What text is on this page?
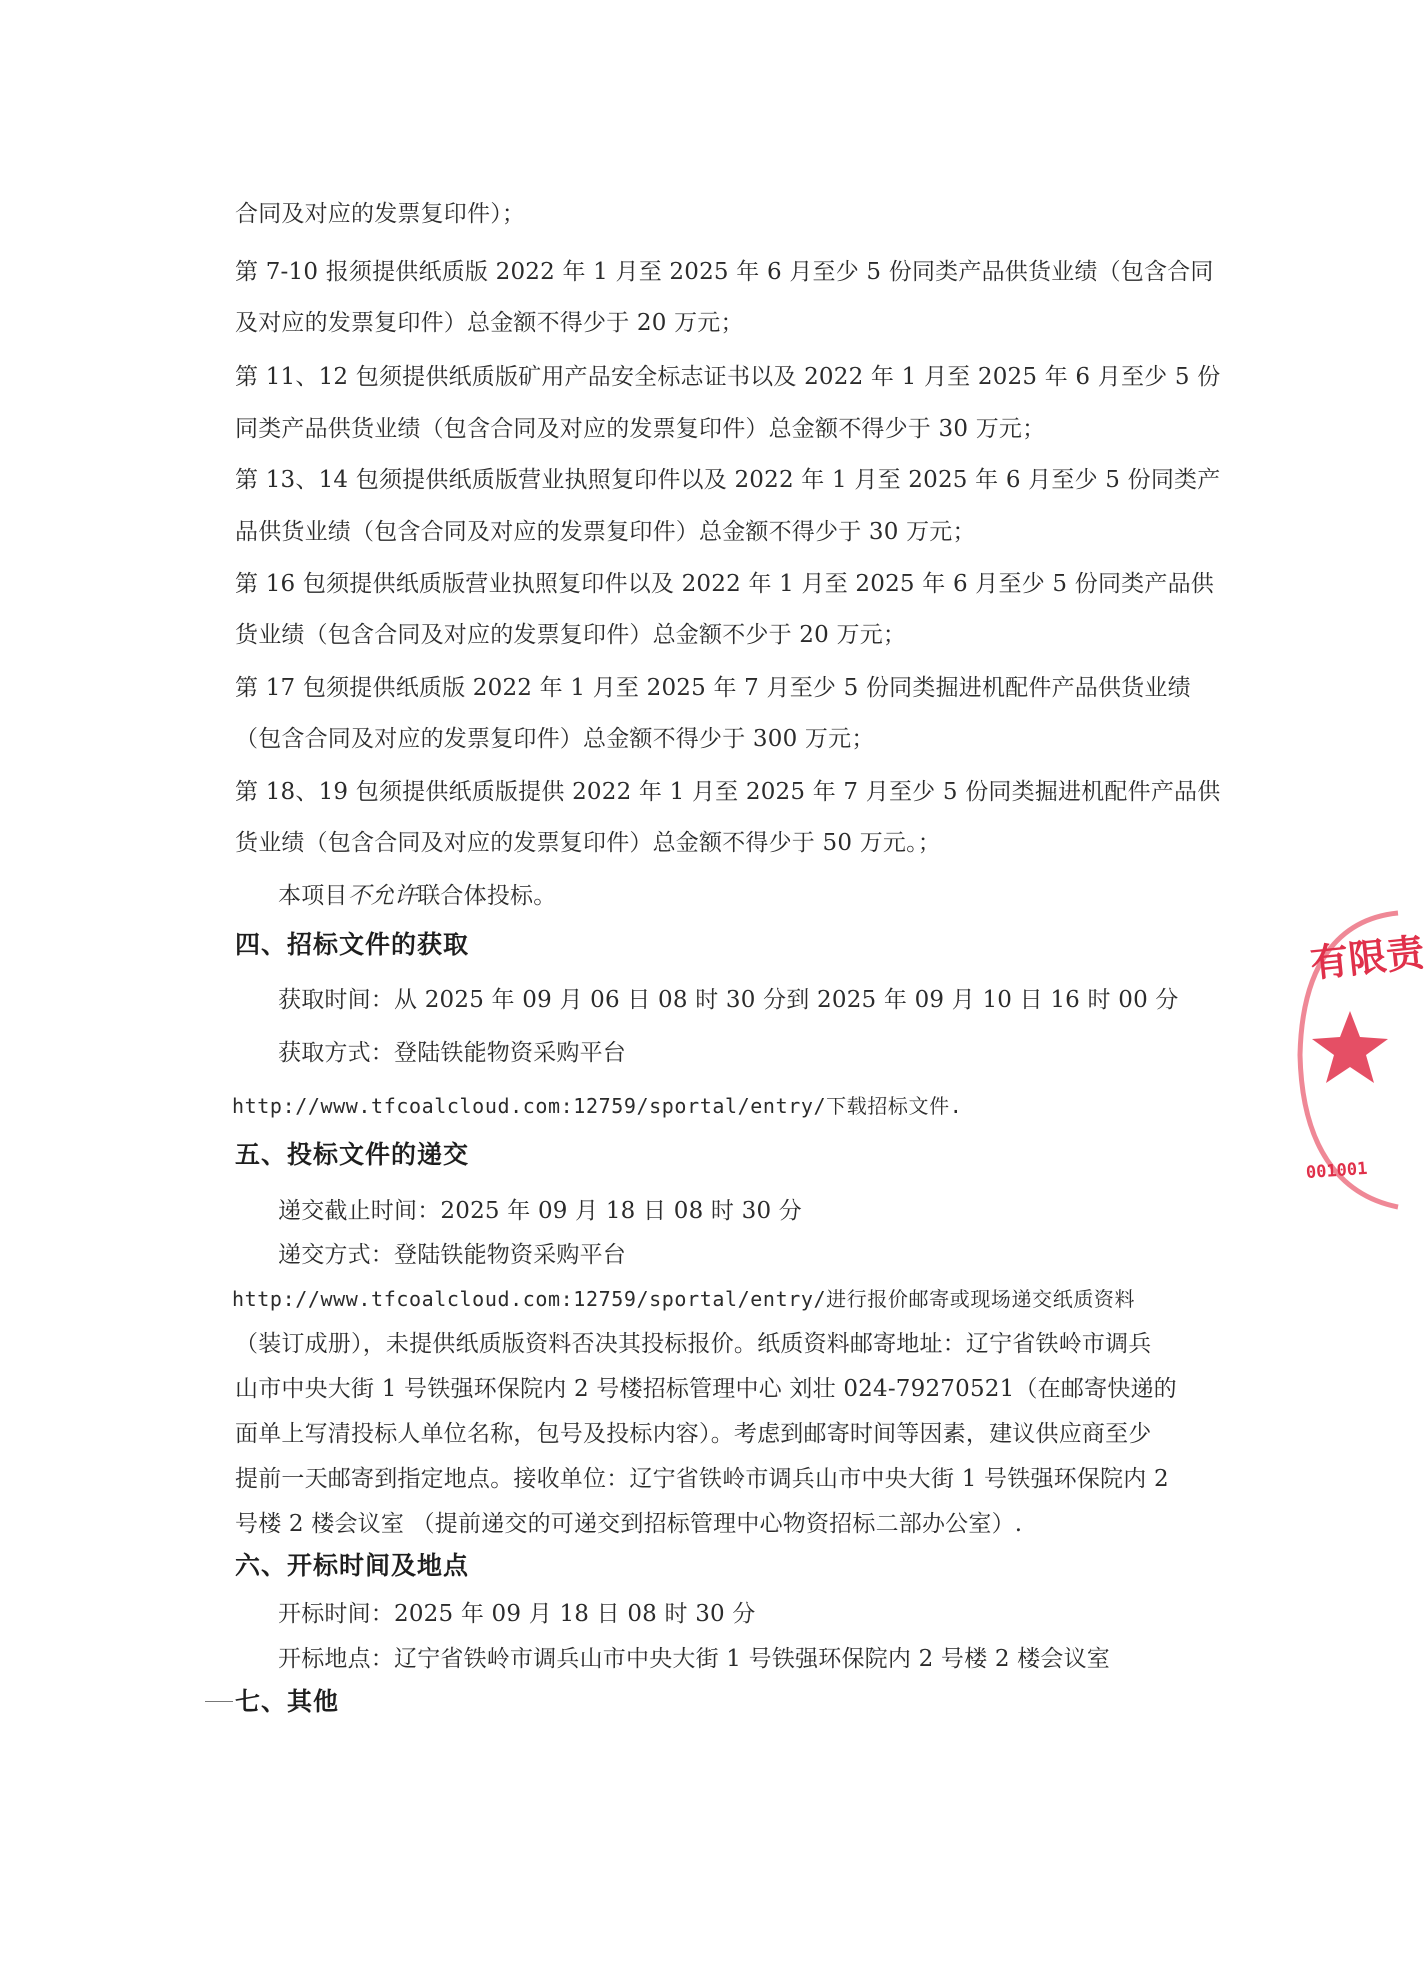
合同及对应的发票复印件）；
第 7-10 报须提供纸质版 2022 年 1 月至 2025 年 6 月至少 5 份同类产品供货业绩（包含合同
及对应的发票复印件）总金额不得少于 20 万元；
第 11、12 包须提供纸质版矿用产品安全标志证书以及 2022 年 1 月至 2025 年 6 月至少 5 份
同类产品供货业绩（包含合同及对应的发票复印件）总金额不得少于 30 万元；
第 13、14 包须提供纸质版营业执照复印件以及 2022 年 1 月至 2025 年 6 月至少 5 份同类产
品供货业绩（包含合同及对应的发票复印件）总金额不得少于 30 万元；
第 16 包须提供纸质版营业执照复印件以及 2022 年 1 月至 2025 年 6 月至少 5 份同类产品供
货业绩（包含合同及对应的发票复印件）总金额不少于 20 万元；
第 17 包须提供纸质版 2022 年 1 月至 2025 年 7 月至少 5 份同类掘进机配件产品供货业绩
（包含合同及对应的发票复印件）总金额不得少于 300 万元；
第 18、19 包须提供纸质版提供 2022 年 1 月至 2025 年 7 月至少 5 份同类掘进机配件产品供
货业绩（包含合同及对应的发票复印件）总金额不得少于 50 万元。；
本项目不允许联合体投标。
四、招标文件的获取
获取时间：从 2025 年 09 月 06 日 08 时 30 分到 2025 年 09 月 10 日 16 时 00 分
获取方式：登陆铁能物资采购平台
http://www.tfcoalcloud.com:12759/sportal/entry/下载招标文件.
五、投标文件的递交
递交截止时间：2025 年 09 月 18 日 08 时 30 分
递交方式：登陆铁能物资采购平台
http://www.tfcoalcloud.com:12759/sportal/entry/进行报价邮寄或现场递交纸质资料
（装订成册），未提供纸质版资料否决其投标报价。纸质资料邮寄地址：辽宁省铁岭市调兵
山市中央大街 1 号铁强环保院内 2 号楼招标管理中心 刘壮 024-79270521（在邮寄快递的
面单上写清投标人单位名称，包号及投标内容）。考虑到邮寄时间等因素，建议供应商至少
提前一天邮寄到指定地点。接收单位：辽宁省铁岭市调兵山市中央大街 1 号铁强环保院内 2
号楼 2 楼会议室 （提前递交的可递交到招标管理中心物资招标二部办公室）.
六、开标时间及地点
开标时间：2025 年 09 月 18 日 08 时 30 分
开标地点：辽宁省铁岭市调兵山市中央大街 1 号铁强环保院内 2 号楼 2 楼会议室
七、其他
有限责
001001
